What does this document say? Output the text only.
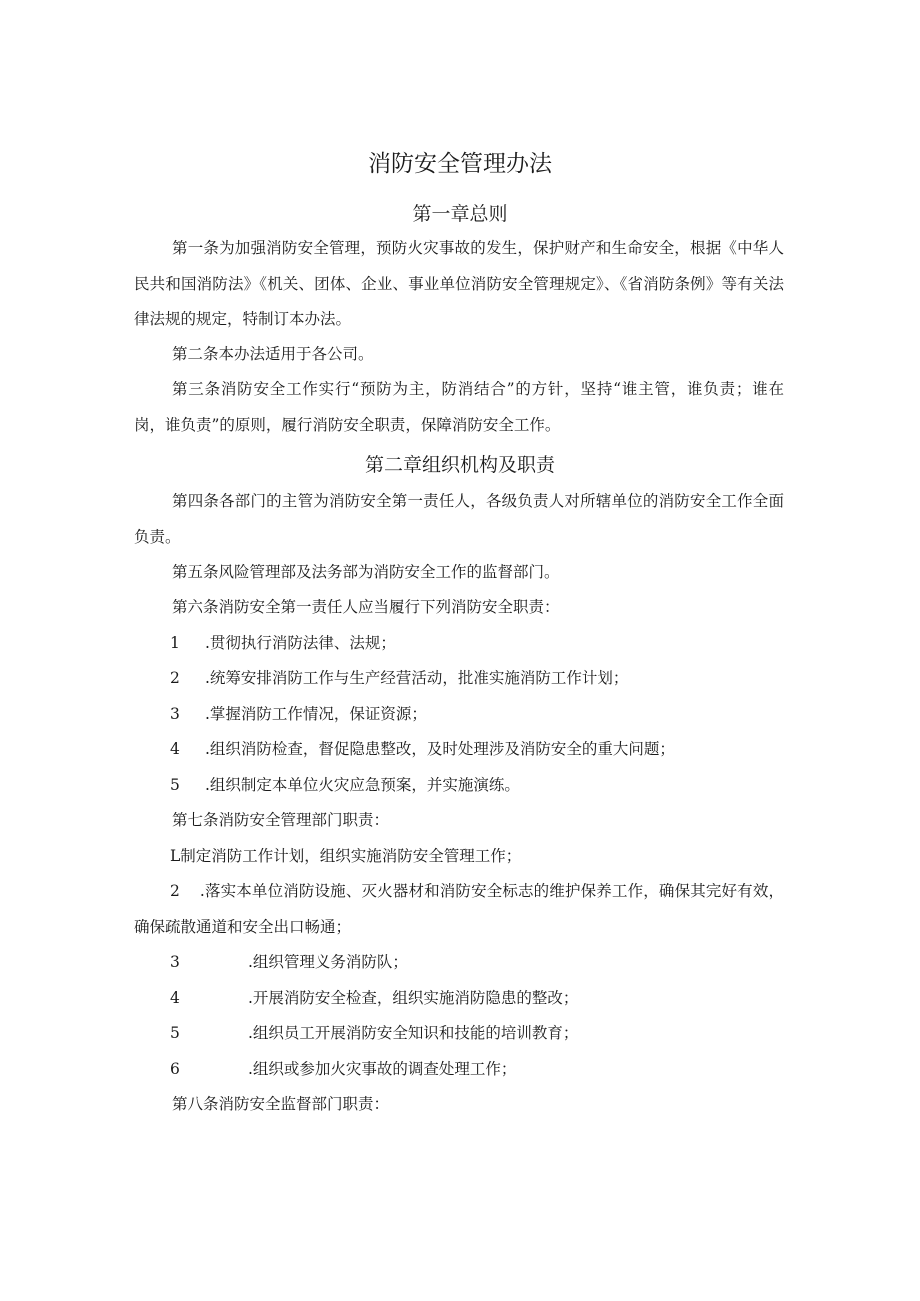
消防安全管理办法
第一章总则

第一条为加强消防安全管理，预防火灾事故的发生，保护财产和生命安全，根据《中华人民共和国消防法》《机关、团体、企业、事业单位消防安全管理规定》、《省消防条例》等有关法律法规的规定，特制订本办法。

第二条本办法适用于各公司。

第三条消防安全工作实行“预防为主，防消结合”的方针，坚持“谁主管，谁负责；谁在岗，谁负责”的原则，履行消防安全职责，保障消防安全工作。

第二章组织机构及职责

第四条各部门的主管为消防安全第一责任人，各级负责人对所辖单位的消防安全工作全面负责。

第五条风险管理部及法务部为消防安全工作的监督部门。

第六条消防安全第一责任人应当履行下列消防安全职责：

1 .贯彻执行消防法律、法规；

2 .统筹安排消防工作与生产经营活动，批准实施消防工作计划；

3 .掌握消防工作情况，保证资源；

4 .组织消防检查，督促隐患整改，及时处理涉及消防安全的重大问题；

5 .组织制定本单位火灾应急预案，并实施演练。

第七条消防安全管理部门职责：

L制定消防工作计划，组织实施消防安全管理工作；

2 .落实本单位消防设施、灭火器材和消防安全标志的维护保养工作，确保其完好有效，确保疏散通道和安全出口畅通；

3	.组织管理义务消防队；

4	.开展消防安全检查，组织实施消防隐患的整改；

5	.组织员工开展消防安全知识和技能的培训教育；

6	.组织或参加火灾事故的调查处理工作；

第八条消防安全监督部门职责：
